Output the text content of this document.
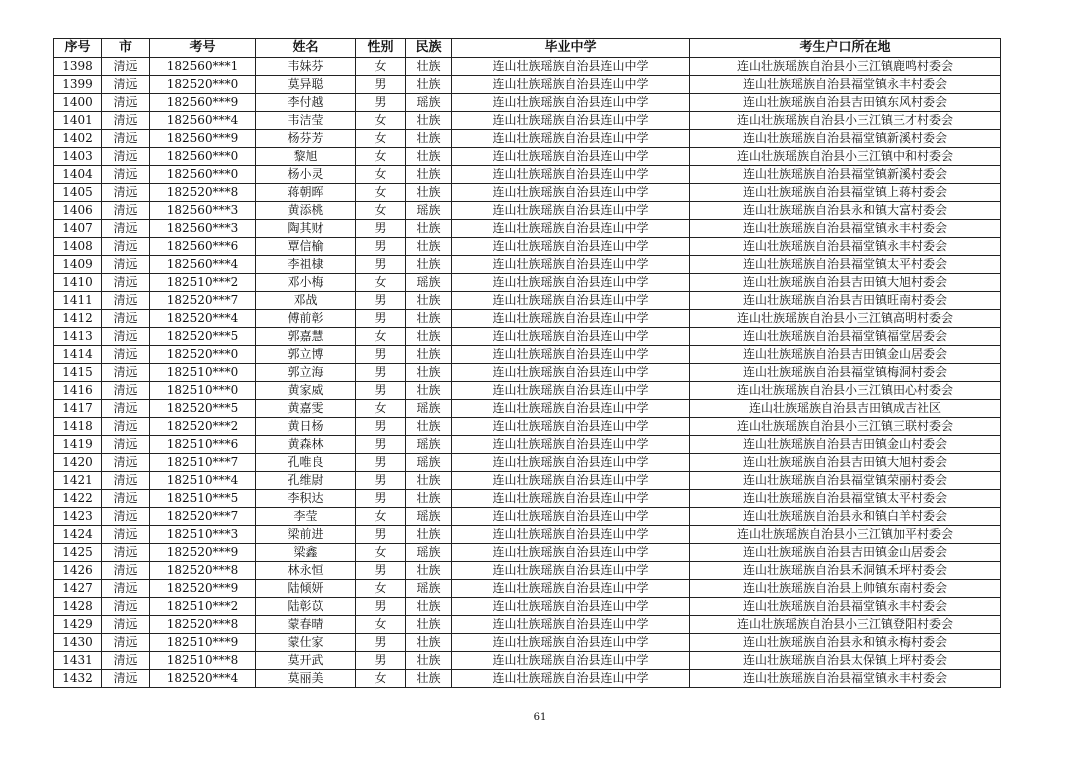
序号	市	考号	姓名	性别	民族	毕业中学	考生户口所在地
1398	清远	182560***1	韦妹芬	女	壮族	连山壮族瑶族自治县连山中学	连山壮族瑶族自治县小三江镇鹿鸣村委会
1399	清远	182520***0	莫异聪	男	壮族	连山壮族瑶族自治县连山中学	连山壮族瑶族自治县福堂镇永丰村委会
1400	清远	182560***9	李付越	男	瑶族	连山壮族瑶族自治县连山中学	连山壮族瑶族自治县吉田镇东风村委会
1401	清远	182560***4	韦洁莹	女	壮族	连山壮族瑶族自治县连山中学	连山壮族瑶族自治县小三江镇三才村委会
1402	清远	182560***9	杨芬芳	女	壮族	连山壮族瑶族自治县连山中学	连山壮族瑶族自治县福堂镇新溪村委会
1403	清远	182560***0	黎旭	女	壮族	连山壮族瑶族自治县连山中学	连山壮族瑶族自治县小三江镇中和村委会
1404	清远	182560***0	杨小灵	女	壮族	连山壮族瑶族自治县连山中学	连山壮族瑶族自治县福堂镇新溪村委会
1405	清远	182520***8	蒋朝晖	女	壮族	连山壮族瑶族自治县连山中学	连山壮族瑶族自治县福堂镇上蒋村委会
1406	清远	182560***3	黄添桃	女	瑶族	连山壮族瑶族自治县连山中学	连山壮族瑶族自治县永和镇大富村委会
1407	清远	182560***3	陶其财	男	壮族	连山壮族瑶族自治县连山中学	连山壮族瑶族自治县福堂镇永丰村委会
1408	清远	182560***6	覃信榆	男	壮族	连山壮族瑶族自治县连山中学	连山壮族瑶族自治县福堂镇永丰村委会
1409	清远	182560***4	李祖棣	男	壮族	连山壮族瑶族自治县连山中学	连山壮族瑶族自治县福堂镇太平村委会
1410	清远	182510***2	邓小梅	女	瑶族	连山壮族瑶族自治县连山中学	连山壮族瑶族自治县吉田镇大旭村委会
1411	清远	182520***7	邓战	男	壮族	连山壮族瑶族自治县连山中学	连山壮族瑶族自治县吉田镇旺南村委会
1412	清远	182520***4	傅前彰	男	壮族	连山壮族瑶族自治县连山中学	连山壮族瑶族自治县小三江镇高明村委会
1413	清远	182520***5	郭嘉慧	女	壮族	连山壮族瑶族自治县连山中学	连山壮族瑶族自治县福堂镇福堂居委会
1414	清远	182520***0	郭立博	男	壮族	连山壮族瑶族自治县连山中学	连山壮族瑶族自治县吉田镇金山居委会
1415	清远	182510***0	郭立海	男	壮族	连山壮族瑶族自治县连山中学	连山壮族瑶族自治县福堂镇梅洞村委会
1416	清远	182510***0	黄家威	男	壮族	连山壮族瑶族自治县连山中学	连山壮族瑶族自治县小三江镇田心村委会
1417	清远	182520***5	黄嘉雯	女	瑶族	连山壮族瑶族自治县连山中学	连山壮族瑶族自治县吉田镇成吉社区
1418	清远	182520***2	黄日杨	男	壮族	连山壮族瑶族自治县连山中学	连山壮族瑶族自治县小三江镇三联村委会
1419	清远	182510***6	黄森林	男	瑶族	连山壮族瑶族自治县连山中学	连山壮族瑶族自治县吉田镇金山村委会
1420	清远	182510***7	孔唯良	男	瑶族	连山壮族瑶族自治县连山中学	连山壮族瑶族自治县吉田镇大旭村委会
1421	清远	182510***4	孔维尉	男	壮族	连山壮族瑶族自治县连山中学	连山壮族瑶族自治县福堂镇荣丽村委会
1422	清远	182510***5	李积达	男	壮族	连山壮族瑶族自治县连山中学	连山壮族瑶族自治县福堂镇太平村委会
1423	清远	182520***7	李莹	女	瑶族	连山壮族瑶族自治县连山中学	连山壮族瑶族自治县永和镇白羊村委会
1424	清远	182510***3	梁前进	男	壮族	连山壮族瑶族自治县连山中学	连山壮族瑶族自治县小三江镇加平村委会
1425	清远	182520***9	梁鑫	女	瑶族	连山壮族瑶族自治县连山中学	连山壮族瑶族自治县吉田镇金山居委会
1426	清远	182520***8	林永恒	男	壮族	连山壮族瑶族自治县连山中学	连山壮族瑶族自治县禾洞镇禾坪村委会
1427	清远	182520***9	陆倾妍	女	瑶族	连山壮族瑶族自治县连山中学	连山壮族瑶族自治县上帅镇东南村委会
1428	清远	182510***2	陆彰苡	男	壮族	连山壮族瑶族自治县连山中学	连山壮族瑶族自治县福堂镇永丰村委会
1429	清远	182520***8	蒙春晴	女	壮族	连山壮族瑶族自治县连山中学	连山壮族瑶族自治县小三江镇登阳村委会
1430	清远	182510***9	蒙仕家	男	壮族	连山壮族瑶族自治县连山中学	连山壮族瑶族自治县永和镇永梅村委会
1431	清远	182510***8	莫开武	男	壮族	连山壮族瑶族自治县连山中学	连山壮族瑶族自治县太保镇上坪村委会
1432	清远	182520***4	莫丽美	女	壮族	连山壮族瑶族自治县连山中学	连山壮族瑶族自治县福堂镇永丰村委会
61
